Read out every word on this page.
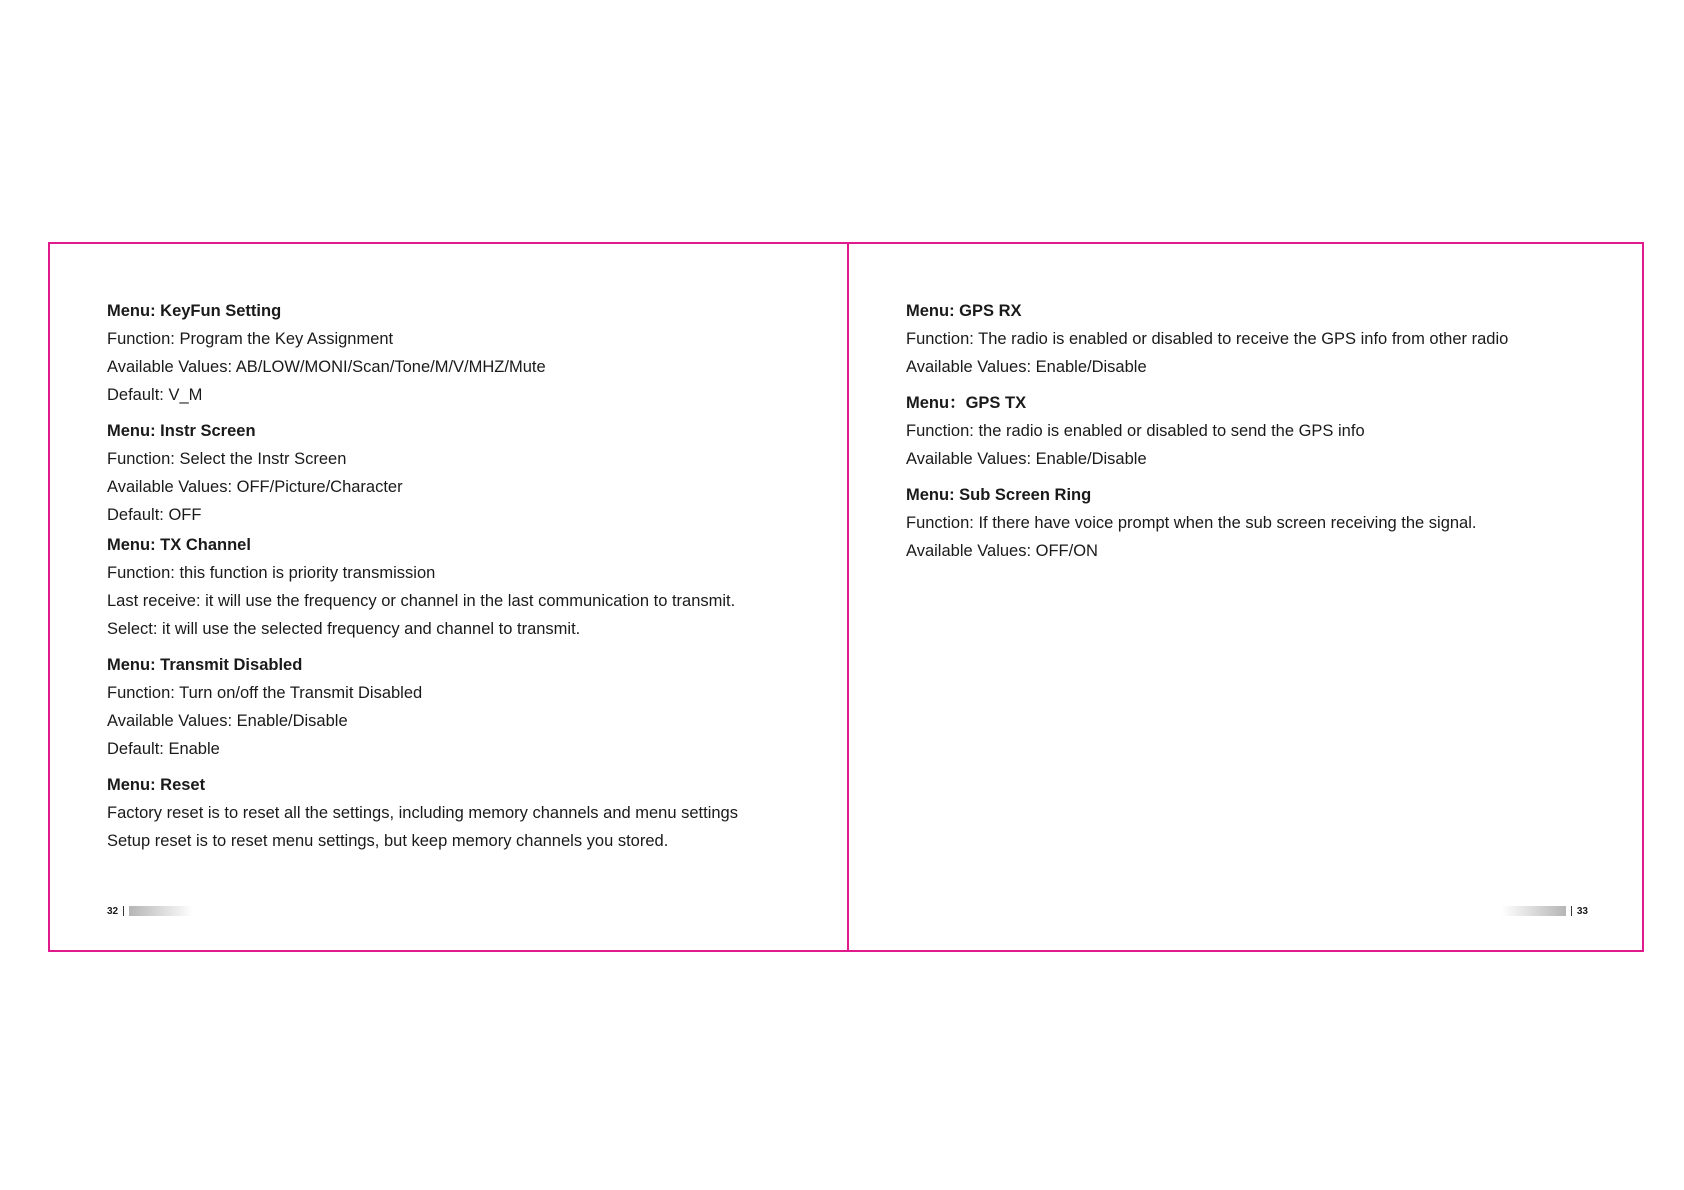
Menu: KeyFun Setting

Function: Program the Key Assignment

Available Values: AB/LOW/MONI/Scan/Tone/M/V/MHZ/Mute

Default: V_M

Menu: Instr Screen

Function: Select the Instr Screen

Available Values: OFF/Picture/Character

Default: OFF

Menu: TX Channel

Function: this function is priority transmission

Last receive: it will use the frequency or channel in the last communication to transmit.

Select: it will use the selected frequency and channel to transmit.

Menu: Transmit Disabled

Function: Turn on/off the Transmit Disabled

Available Values: Enable/Disable

Default: Enable

Menu: Reset

Factory reset is to reset all the settings, including memory channels and menu settings

Setup reset is to reset menu settings, but keep memory channels you stored.

32
Menu: GPS RX

Function: The radio is enabled or disabled to receive the GPS info from other radio

Available Values: Enable/Disable

Menu：GPS TX

Function: the radio is enabled or disabled to send the GPS info

Available Values: Enable/Disable

Menu: Sub Screen Ring

Function: If there have voice prompt when the sub screen receiving the signal.

Available Values: OFF/ON

33
